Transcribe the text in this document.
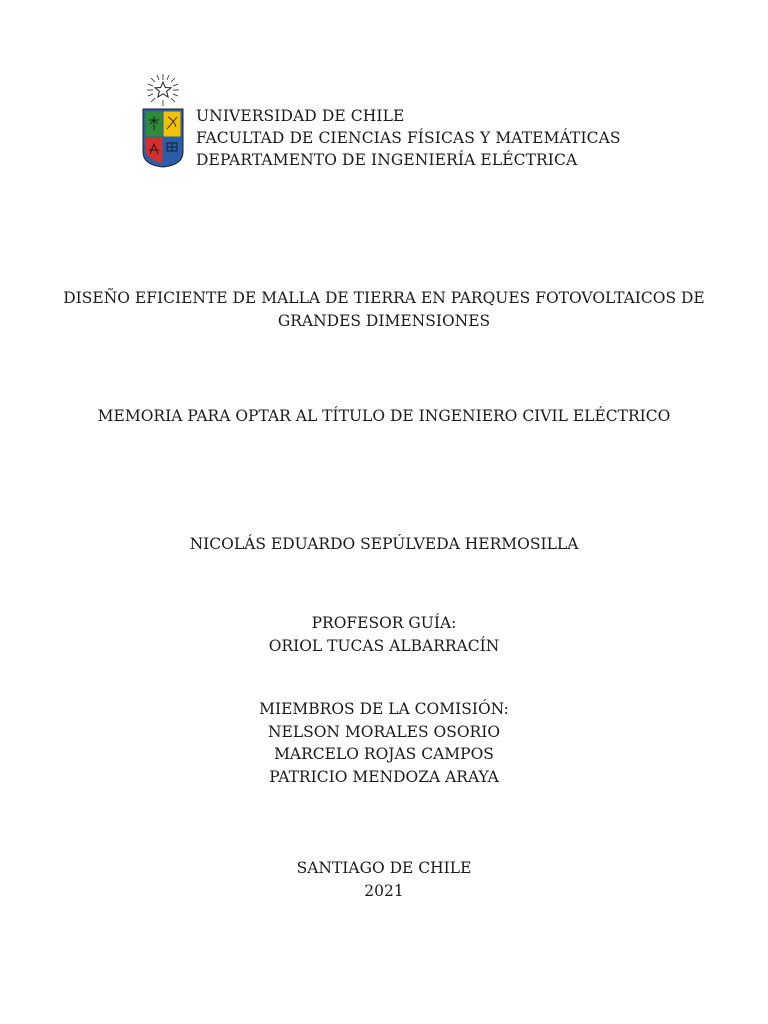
UNIVERSIDAD DE CHILE
FACULTAD DE CIENCIAS FÍSICAS Y MATEMÁTICAS
DEPARTAMENTO DE INGENIERÍA ELÉCTRICA
DISEÑO EFICIENTE DE MALLA DE TIERRA EN PARQUES FOTOVOLTAICOS DE
GRANDES DIMENSIONES
MEMORIA PARA OPTAR AL TÍTULO DE INGENIERO CIVIL ELÉCTRICO
NICOLÁS EDUARDO SEPÚLVEDA HERMOSILLA
PROFESOR GUÍA:
ORIOL TUCAS ALBARRACÍN
MIEMBROS DE LA COMISIÓN:
NELSON MORALES OSORIO
MARCELO ROJAS CAMPOS
PATRICIO MENDOZA ARAYA
SANTIAGO DE CHILE
2021
